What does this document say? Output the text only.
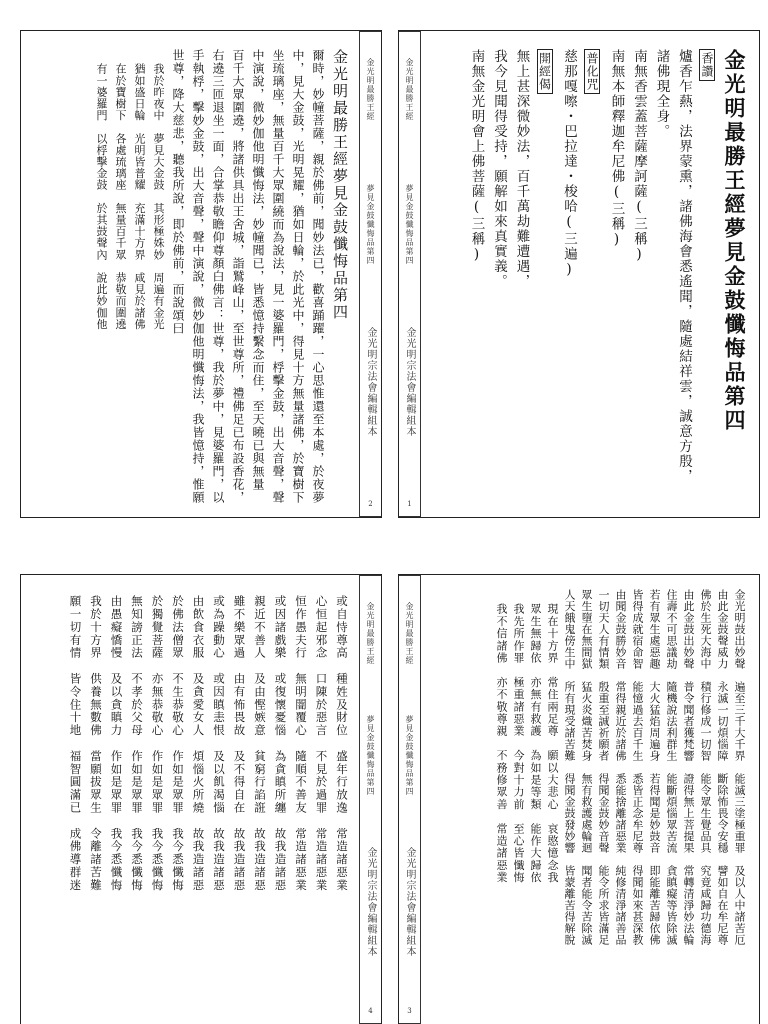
金光明最勝王經
夢見金鼓懺悔品第四
金光明宗法會編輯組本
1
金光明最勝王經夢見金鼓懺悔品第四
香讚
爐香乍爇，法界蒙熏，諸佛海會悉遙聞，隨處結祥雲，誠意方殷，
諸佛現全身。
南無香雲蓋菩薩摩訶薩(三稱)
南無本師釋迦牟尼佛(三稱)
普化咒
慈那嘎嚓・巴拉達・梭哈(三遍)
開經偈
無上甚深微妙法，百千萬劫難遭遇，
我今見聞得受持，願解如來真實義。
南無金光明會上佛菩薩(三稱)
金光明最勝王經
夢見金鼓懺悔品第四
金光明宗法會編輯組本
2
金光明最勝王經夢見金鼓懺悔品第四
爾時，妙幢菩薩，親於佛前，聞妙法已，歡喜踊躍，一心思惟還至本處，於夜夢
中，見大金鼓，光明晃耀，猶如日輪，於此光中，得見十方無量諸佛，於寶樹下
坐琉璃座，無量百千大眾圍繞而為說法，見一婆羅門，桴擊金鼓，出大音聲，聲
中演說，微妙伽他明懺悔法，妙幢聞已，皆悉憶持繫念而住，至天曉已與無量
百千大眾圍遶，將諸供具出王舍城，詣鷲峰山，至世尊所，禮佛足已布設香花，
右遶三匝退坐一面，合掌恭敬瞻仰尊顏白佛言：世尊，我於夢中，見婆羅門，以
手執桴，擊妙金鼓，出大音聲，聲中演說，微妙伽他明懺悔法，我皆憶持，惟願
世尊，降大慈悲，聽我所說，即於佛前，而說頌曰
我於昨夜中　夢見大金鼓　其形極姝妙　周遍有金光
猶如盛日輪　光明皆普耀　充滿十方界　咸見於諸佛
在於寶樹下　各處琉璃座　無量百千眾　恭敬而圍遶
有一婆羅門　以桴擊金鼓　於其鼓聲內　說此妙伽他
金光明最勝王經
夢見金鼓懺悔品第四
金光明宗法會編輯組本
3
金光明鼓出妙聲　遍至三千大千界　能滅三塗極重罪　及以人中諸苦厄
由此金鼓聲威力　永滅一切煩惱障　斷除怖畏令安穩　譬如自在牟尼尊
佛於生死大海中　積行修成一切智　能令眾生覺品具　究竟咸歸功德海
由此金鼓出妙聲　普令聞者獲梵響　證得無上菩提果　常轉清淨妙法輪
住壽不可思議劫　隨機說法利群生　能斷煩惱眾苦流　貪瞋癡等皆除滅
若有眾生處惡趣　大火猛焰周遍身　若得聞是妙鼓音　即能離苦歸依佛
皆得成就宿命智　能憶過去百千生　悉皆正念牟尼尊　得聞如來甚深教
由聞金鼓勝妙音　常得親近於諸佛　悉能捨離諸惡業　純修清淨諸善品
一切天人有情類　殷重至誠祈願者　得聞金鼓妙音聲　能令所求皆滿足
眾生墮在無間獄　猛火炎熾苦焚身　無有救護處輪迴　聞者能令苦除滅
人天餓鬼傍生中　所有現受諸苦難　得聞金鼓發妙響　皆蒙離苦得解脫
現在十方界　常住兩足尊　願以大悲心　哀愍憶念我
眾生無歸依　亦無有救護　為如是等類　能作大歸依
我先所作罪　極重諸惡業　今對十力前　至心皆懺悔
我不信諸佛　亦不敬尊親　不務修眾善　常造諸惡業
金光明最勝王經
夢見金鼓懺悔品第四
金光明宗法會編輯組本
4
或自恃尊高　種姓及財位　盛年行放逸　常造諸惡業
心恒起邪念　口陳於惡言　不見於過罪　常造諸惡業
恒作愚夫行　無明闇覆心　隨順不善友　常造諸惡業
或因諸戲樂　或復懷憂惱　為貪瞋所纏　故我造諸惡
親近不善人　及由慳嫉意　貧窮行諂誑　故我造諸惡
雖不樂眾過　由有怖畏故　及不得自在　故我造諸惡
或為躁動心　或因瞋恚恨　及以飢渴惱　故我造諸惡
由飲食衣服　及貪愛女人　煩惱火所燒　故我造諸惡
於佛法僧眾　不生恭敬心　作如是眾罪　我今悉懺悔
於獨覺菩薩　亦無恭敬心　作如是眾罪　我今悉懺悔
無知謗正法　不孝於父母　作如是眾罪　我今悉懺悔
由愚癡憍慢　及以貪瞋力　作如是眾罪　我今悉懺悔
我於十方界　供養無數佛　當願拔眾生　令離諸苦難
願一切有情　皆令住十地　福智圓滿已　成佛導群迷
